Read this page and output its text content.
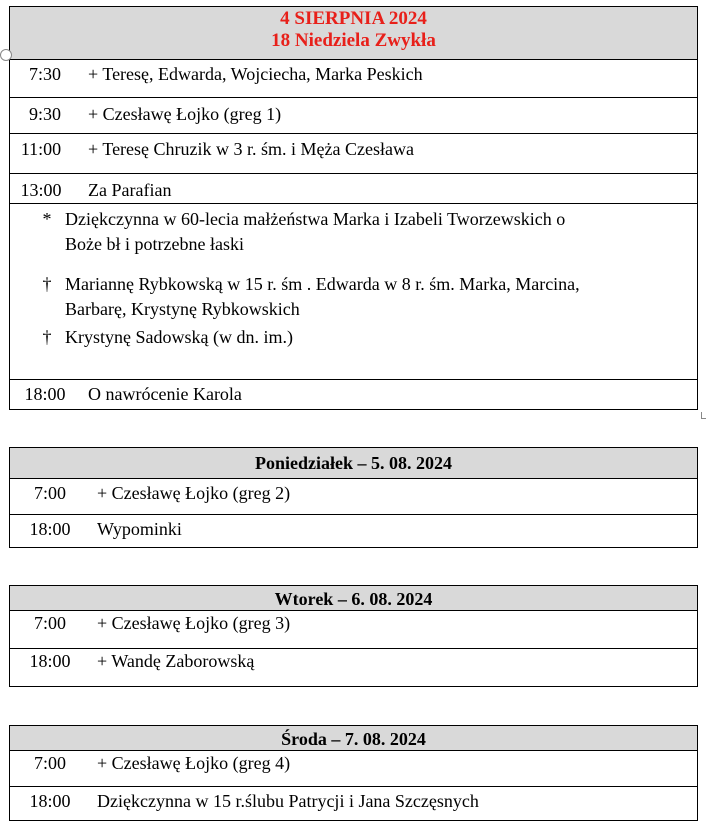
4 SIERPNIA 2024
18 Niedziela Zwykła
7:30	+ Teresę, Edwarda, Wojciecha, Marka Peskich
9:30	+ Czesławę Łojko (greg 1)
11:00	+ Teresę Chruzik w 3 r. śm. i Męża Czesława
13:00	Za Parafian
* Dziękczynna w 60-lecia małżeństwa Marka i Izabeli Tworzewskich o
Boże bł i potrzebne łaski
† Mariannę Rybkowską w 15 r. śm . Edwarda w 8 r. śm. Marka, Marcina,
Barbarę, Krystynę Rybkowskich
† Krystynę Sadowską (w dn. im.)
18:00	O nawrócenie Karola
Poniedziałek – 5. 08. 2024
7:00	+ Czesławę Łojko (greg 2)
18:00	Wypominki
Wtorek – 6. 08. 2024
7:00	+ Czesławę Łojko (greg 3)
18:00	+ Wandę Zaborowską
Środa – 7. 08. 2024
7:00	+ Czesławę Łojko (greg 4)
18:00	Dziękczynna w 15 r.ślubu Patrycji i Jana Szczęsnych
